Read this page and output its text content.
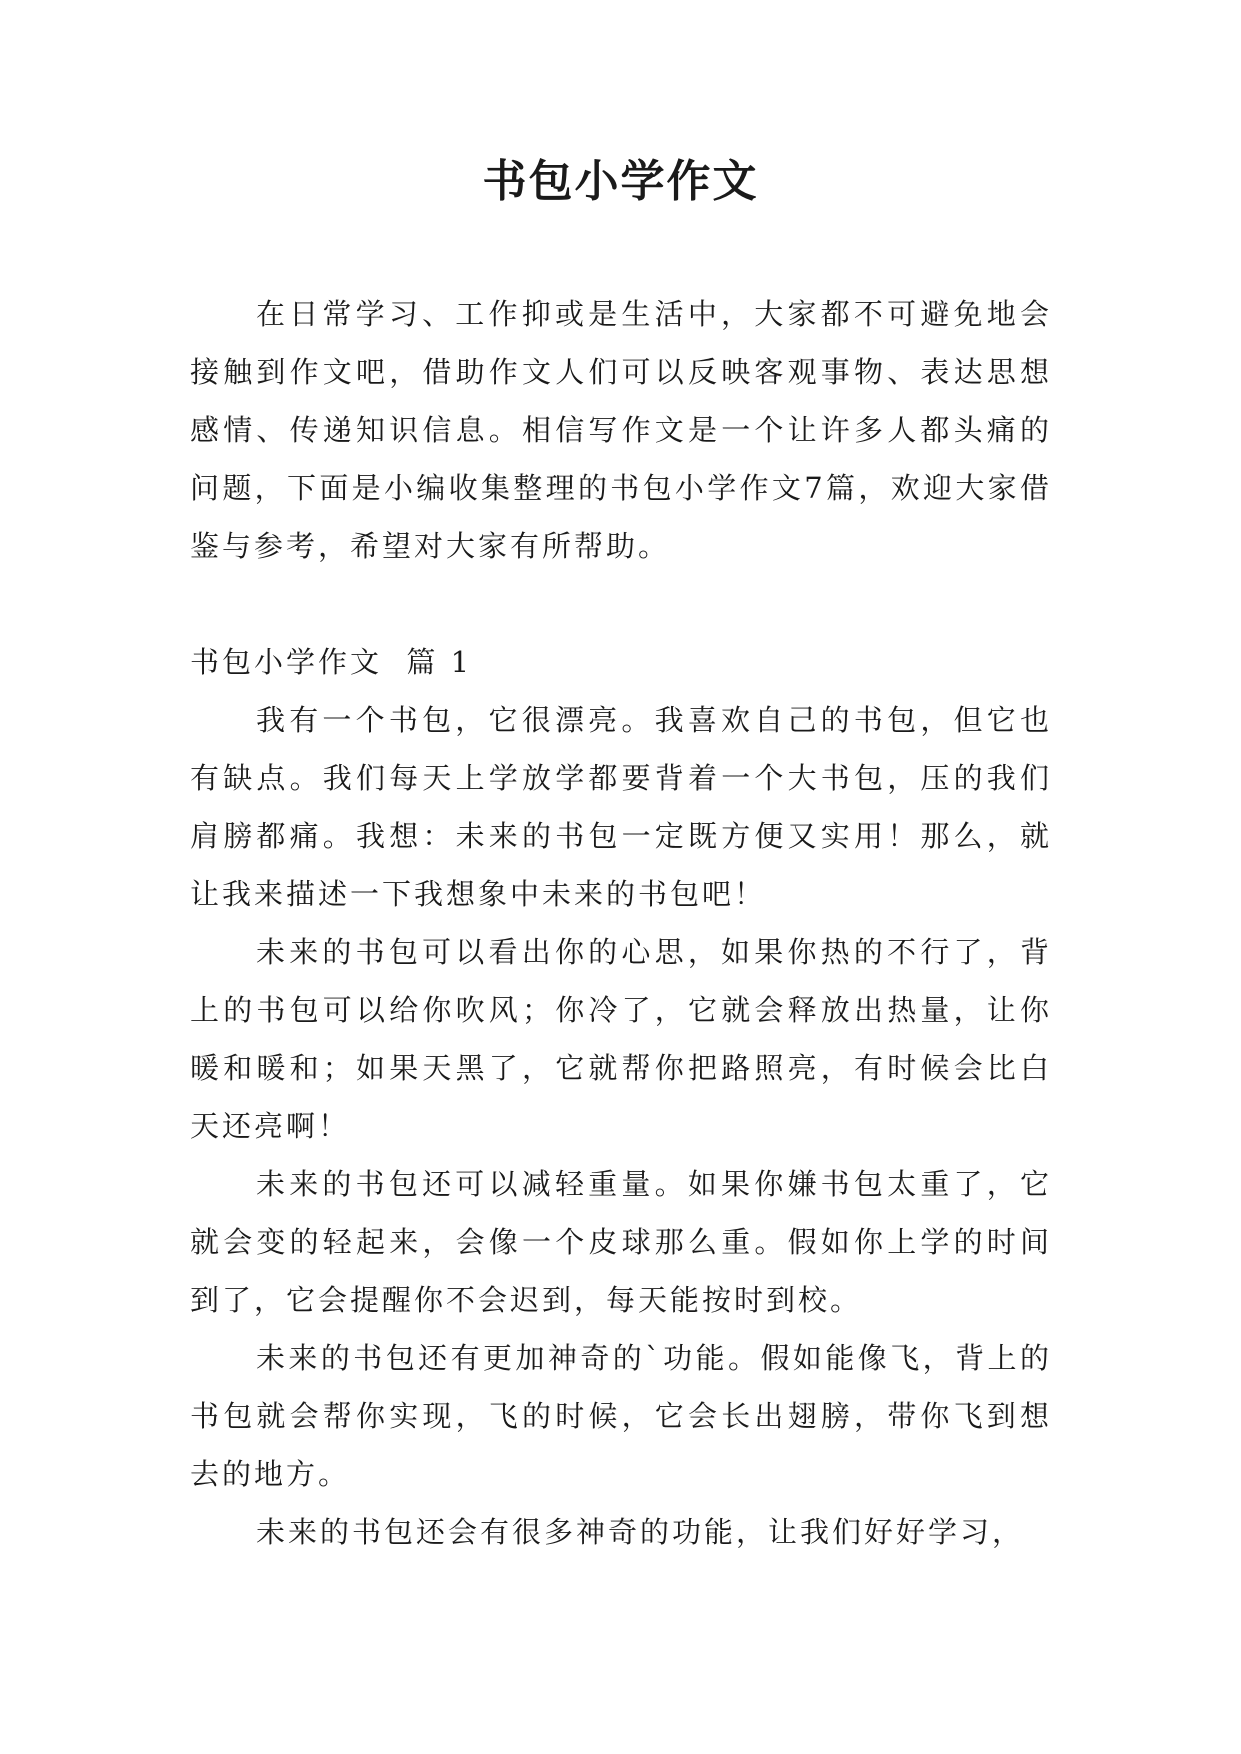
书包小学作文

在日常学习、工作抑或是生活中，大家都不可避免地会接触到作文吧，借助作文人们可以反映客观事物、表达思想感情、传递知识信息。相信写作文是一个让许多人都头痛的问题，下面是小编收集整理的书包小学作文7篇，欢迎大家借鉴与参考，希望对大家有所帮助。

书包小学作文  篇 1

我有一个书包，它很漂亮。我喜欢自己的书包，但它也有缺点。我们每天上学放学都要背着一个大书包，压的我们肩膀都痛。我想：未来的书包一定既方便又实用！那么，就让我来描述一下我想象中未来的书包吧！

未来的书包可以看出你的心思，如果你热的不行了，背上的书包可以给你吹风；你冷了，它就会释放出热量，让你暖和暖和；如果天黑了，它就帮你把路照亮，有时候会比白天还亮啊！

未来的书包还可以减轻重量。如果你嫌书包太重了，它就会变的轻起来，会像一个皮球那么重。假如你上学的时间到了，它会提醒你不会迟到，每天能按时到校。

未来的书包还有更加神奇的`功能。假如能像飞，背上的书包就会帮你实现，飞的时候，它会长出翅膀，带你飞到想去的地方。

未来的书包还会有很多神奇的功能，让我们好好学习，
